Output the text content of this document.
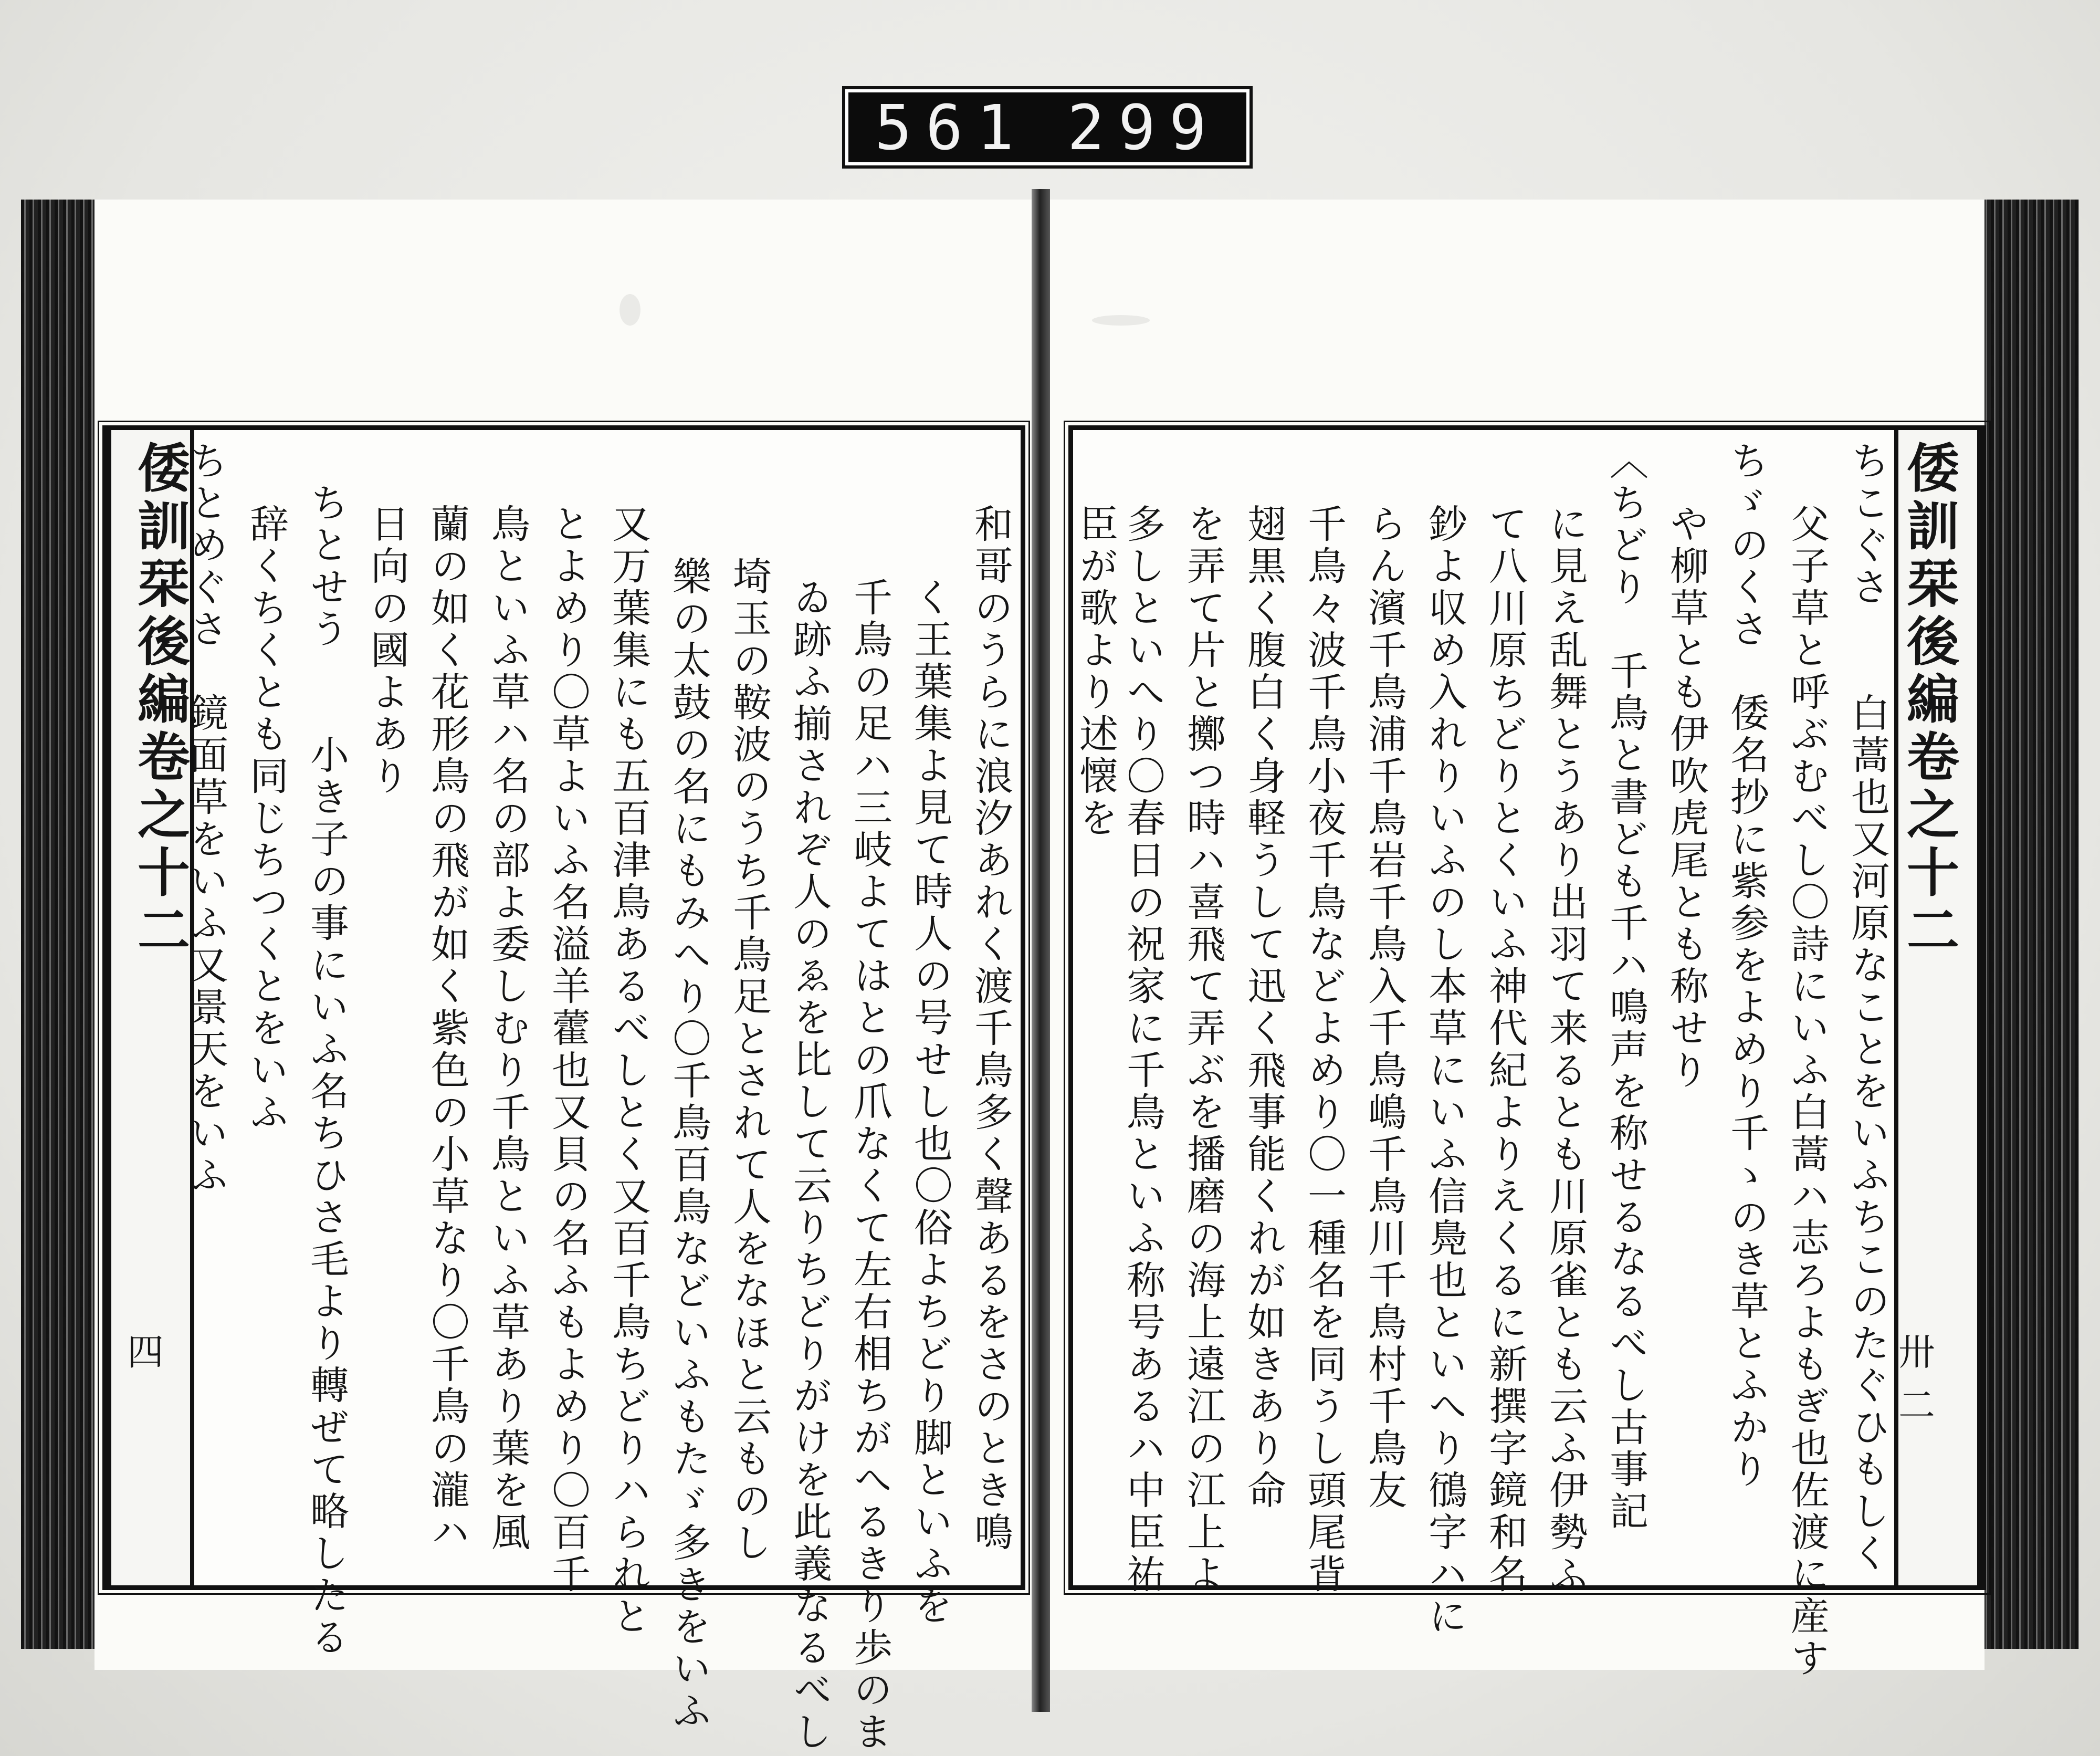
561 299
倭訓栞後編卷之十二
四	和哥のうらに浪汐あれく渡千鳥多く聲あるをさのとき鳴
く王葉集よ見て時人の号せし也〇俗よちどり脚といふを
千鳥の足ハ三岐よてはとの爪なくて左右相ちがへるきり歩のま
ゐ跡ふ揃されぞ人のゑを比して云りちどりがけを此義なるべし
埼玉の鞍波のうち千鳥足とされて人をなほと云ものし
樂の太鼓の名にもみへり〇千鳥百鳥などいふもたゞ多きをいふ
又万葉集にも五百津鳥あるべしとく又百千鳥ちどりハられと
とよめり〇草よいふ名溢羊藿也又貝の名ふもよめり〇百千
鳥といふ草ハ名の部よ委しむり千鳥といふ草あり葉を風
蘭の如く花形鳥の飛が如く紫色の小草なり〇千鳥の瀧ハ
日向の國よあり
ちとせう　　小き子の事にいふ名ちひさ毛より轉ぜて略したる
辞くちくとも同じちつくとをいふ
ちとめぐさ　鏡面草をいふ又景天をいふ	倭訓栞後編卷之十二
卅二
ちこぐさ　　白蒿也又河原なことをいふちこのたぐひもしく
父子草と呼ぶむべし〇詩にいふ白蒿ハ志ろよもぎ也佐渡に産す
ちゞのくさ　倭名抄に紫参をよめり千ゝのき草とふかり
や柳草とも伊吹虎尾とも称せり
〈ちどり　千鳥と書ども千ハ鳴声を称せるなるべし古事記
に見え乱舞とうあり出羽て来るとも川原雀とも云ふ伊勢ふ
て八川原ちどりとくいふ神代紀よりえくるに新撰字鏡和名
鈔よ収め入れりいふのし本草にいふ信鳧也といへり鴴字ハに
らん濱千鳥浦千鳥岩千鳥入千鳥嶋千鳥川千鳥村千鳥友
千鳥々波千鳥小夜千鳥などよめり〇一種名を同うし頭尾背
翅黒く腹白く身軽うして迅く飛事能くれが如きあり命
を弄て片と擲つ時ハ喜飛て弄ぶを播磨の海上遠江の江上よ
多しといへり〇春日の祝家に千鳥といふ称号あるハ中臣祐
臣が歌より述懐を
